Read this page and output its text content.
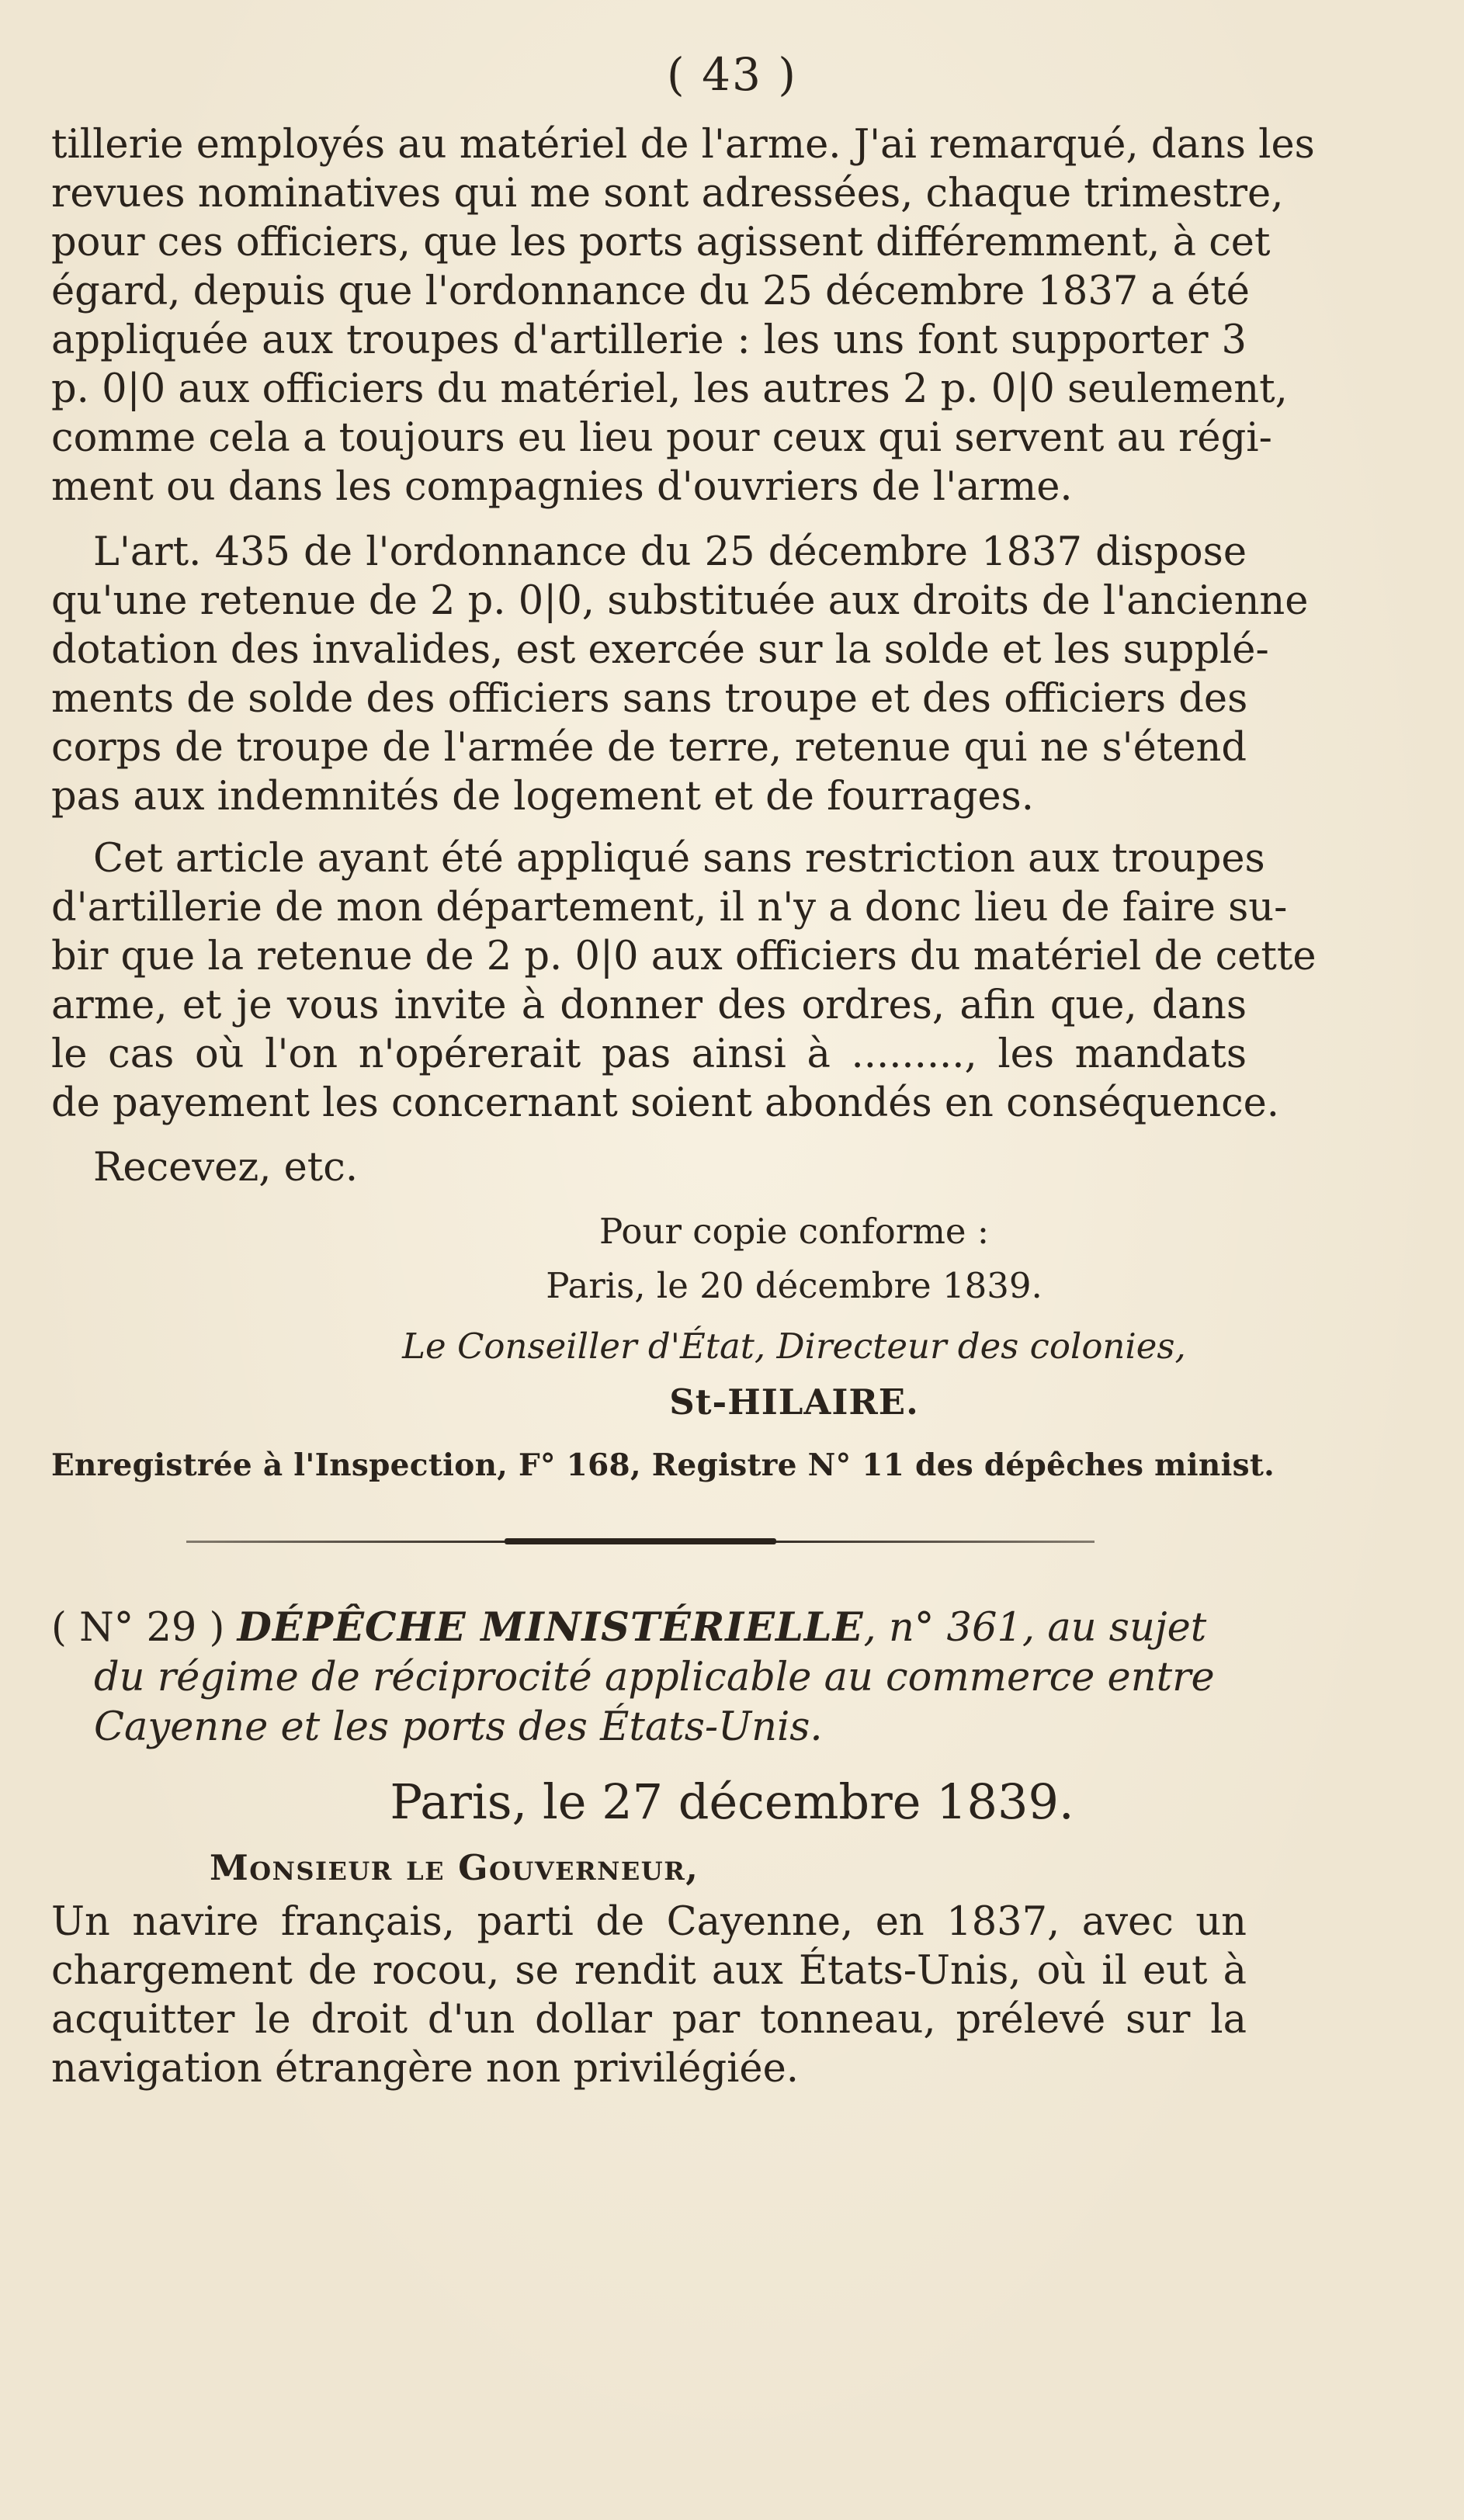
( 43 )
tillerie employés au matériel de l'arme. J'ai remarqué, dans les
revues nominatives qui me sont adressées, chaque trimestre,
pour ces officiers, que les ports agissent différemment, à cet
égard, depuis que l'ordonnance du 25 décembre 1837 a été
appliquée aux troupes d'artillerie : les uns font supporter 3
p. 0|0 aux officiers du matériel, les autres 2 p. 0|0 seulement,
comme cela a toujours eu lieu pour ceux qui servent au régi-
ment ou dans les compagnies d'ouvriers de l'arme.
L'art. 435 de l'ordonnance du 25 décembre 1837 dispose
qu'une retenue de 2 p. 0|0, substituée aux droits de l'ancienne
dotation des invalides, est exercée sur la solde et les supplé-
ments de solde des officiers sans troupe et des officiers des
corps de troupe de l'armée de terre, retenue qui ne s'étend
pas aux indemnités de logement et de fourrages.
Cet article ayant été appliqué sans restriction aux troupes
d'artillerie de mon département, il n'y a donc lieu de faire su-
bir que la retenue de 2 p. 0|0 aux officiers du matériel de cette
arme, et je vous invite à donner des ordres, afin que, dans
le cas où l'on n'opérerait pas ainsi à ........., les mandats
de payement les concernant soient abondés en conséquence.
Recevez, etc.
Pour copie conforme :
Paris, le 20 décembre 1839.
Le Conseiller d'État, Directeur des colonies,
St-HILAIRE.
Enregistrée à l'Inspection, F° 168, Registre N° 11 des dépêches minist.
( N° 29 ) DÉPÊCHE MINISTÉRIELLE, n° 361, au sujet
du régime de réciprocité applicable au commerce entre
Cayenne et les ports des États-Unis.
Paris, le 27 décembre 1839.
Monsieur le Gouverneur,
Un navire français, parti de Cayenne, en 1837, avec un
chargement de rocou, se rendit aux États-Unis, où il eut à
acquitter le droit d'un dollar par tonneau, prélevé sur la
navigation étrangère non privilégiée.
